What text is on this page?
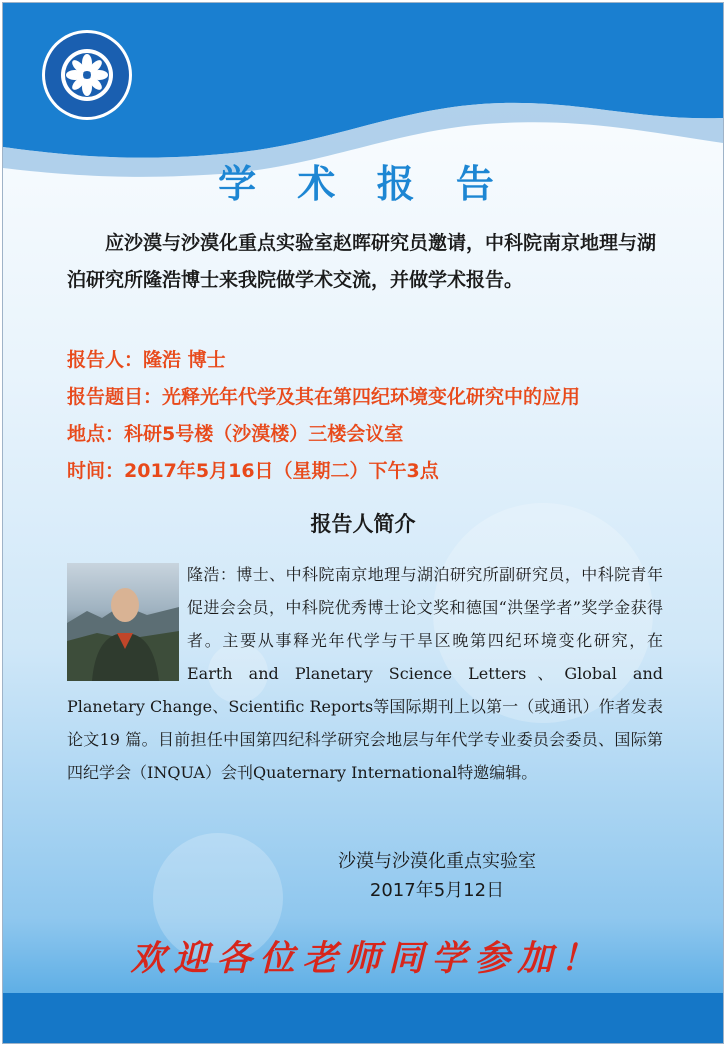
学 术 报 告
应沙漠与沙漠化重点实验室赵晖研究员邀请，中科院南京地理与湖泊研究所隆浩博士来我院做学术交流，并做学术报告。
报告人：隆浩 博士
报告题目：光释光年代学及其在第四纪环境变化研究中的应用
地点：科研5号楼（沙漠楼）三楼会议室
时间：2017年5月16日（星期二）下午3点
报告人简介
隆浩：博士、中科院南京地理与湖泊研究所副研究员，中科院青年促进会会员，中科院优秀博士论文奖和德国“洪堡学者”奖学金获得者。主要从事释光年代学与干旱区晚第四纪环境变化研究，在Earth and Planetary Science Letters、Global and Planetary Change、Scientific Reports等国际期刊上以第一（或通讯）作者发表论文19 篇。目前担任中国第四纪科学研究会地层与年代学专业委员会委员、国际第四纪学会（INQUA）会刊Quaternary International特邀编辑。
沙漠与沙漠化重点实验室
2017年5月12日
欢迎各位老师同学参加！
